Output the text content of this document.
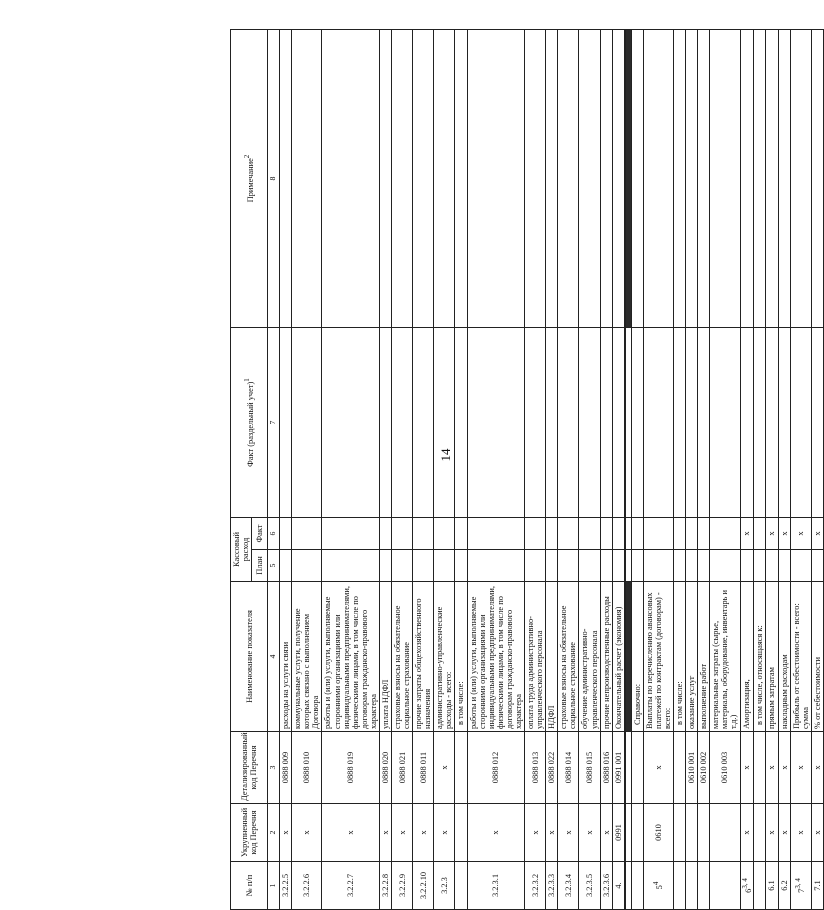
14
№ п/п	Укрупненный код Перечня	Детализированный код Перечня	Наименование показателя	Кассовый расход		Факт (раздельный учет)$^1$	Примечание$^2$
				План	Факт		
1	2	3	4	5	6	7	8
3.2.2.5	х	0888 009	расходы на услуги связи				
3.2.2.6	х	0888 010	коммунальные услуги, получение которых связано с выполнением Договора				
3.2.2.7	х	0888 019	работы и (или) услуги, выполняемые сторонними организациями или индивидуальными предпринимателями, физическими лицами, в том числе по договорам гражданско-правового характера				
3.2.2.8	х	0888 020	уплата НДФЛ				
3.2.2.9	х	0888 021	страховые взносы на обязательное социальное страхование				
3.2.2.10	х	0888 011	прочие затраты общехозяйственного назначения				
3.2.3	х	х	административно-управленческие расходы - всего:				
			в том числе:				
3.2.3.1	х	0888 012	работы и (или) услуги, выполняемые сторонними организациями или индивидуальными предпринимателями, физическими лицами, в том числе по договорам гражданско-правового характера				
3.2.3.2	х	0888 013	оплата труда административно-управленческого персонала				
3.2.3.3	х	0888 022	НДФЛ				
3.2.3.4	х	0888 014	страховые взносы на обязательное социальное страхование				
3.2.3.5	х	0888 015	обучение административно-управленческого персонала				
3.2.3.6	х	0888 016	прочие непроизводственные расходы				
4.	0991	0991 001	Окончательный расчет (экономия)				

			Справочно:				
$5^4$	0610	х	Выплаты по перечислению авансовых платежей по контрактам (договорам) - всего:				
			в том числе:				
		0610 001	оказание услуг				
		0610 002	выполнение работ				
		0610 003	материальные затраты (сырье, материалы, оборудование, инвентарь и т.д.)				
6$^{3, 4}$	х	х	Амортизация,		х		
			в том числе, относящаяся к:				
6.1	х	х	прямым затратам		х		
6.2	х	х	накладным расходам		х		
7$^{3, 4}$	х	х	Прибыль от себестоимости - всего: сумма		х		
7.1	х	х	% от себестоимости		х		
